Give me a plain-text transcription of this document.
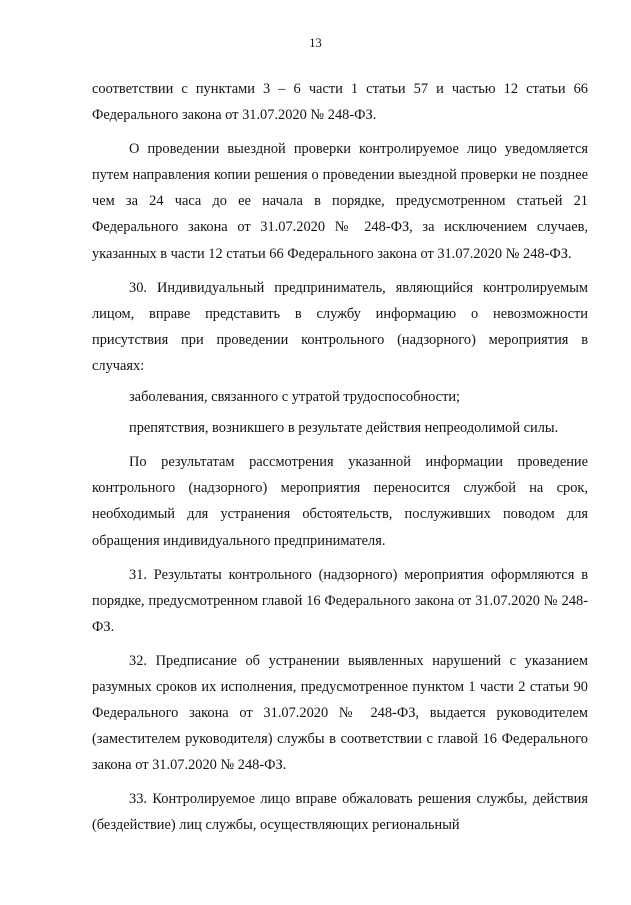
13

соответствии с пунктами 3 – 6 части 1 статьи 57 и частью 12 статьи 66 Федерального закона от 31.07.2020 № 248-ФЗ.

О проведении выездной проверки контролируемое лицо уведомляется путем направления копии решения о проведении выездной проверки не позднее чем за 24 часа до ее начала в порядке, предусмотренном статьей 21 Федерального закона от 31.07.2020 № 248-ФЗ, за исключением случаев, указанных в части 12 статьи 66 Федерального закона от 31.07.2020 № 248-ФЗ.

30. Индивидуальный предприниматель, являющийся контролируемым лицом, вправе представить в службу информацию о невозможности присутствия при проведении контрольного (надзорного) мероприятия в случаях:

заболевания, связанного с утратой трудоспособности;

препятствия, возникшего в результате действия непреодолимой силы.

По результатам рассмотрения указанной информации проведение контрольного (надзорного) мероприятия переносится службой на срок, необходимый для устранения обстоятельств, послуживших поводом для обращения индивидуального предпринимателя.

31. Результаты контрольного (надзорного) мероприятия оформляются в порядке, предусмотренном главой 16 Федерального закона от 31.07.2020 № 248-ФЗ.

32. Предписание об устранении выявленных нарушений с указанием разумных сроков их исполнения, предусмотренное пунктом 1 части 2 статьи 90 Федерального закона от 31.07.2020 № 248-ФЗ, выдается руководителем (заместителем руководителя) службы в соответствии с главой 16 Федерального закона от 31.07.2020 № 248-ФЗ.

33. Контролируемое лицо вправе обжаловать решения службы, действия (бездействие) лиц службы, осуществляющих региональный
